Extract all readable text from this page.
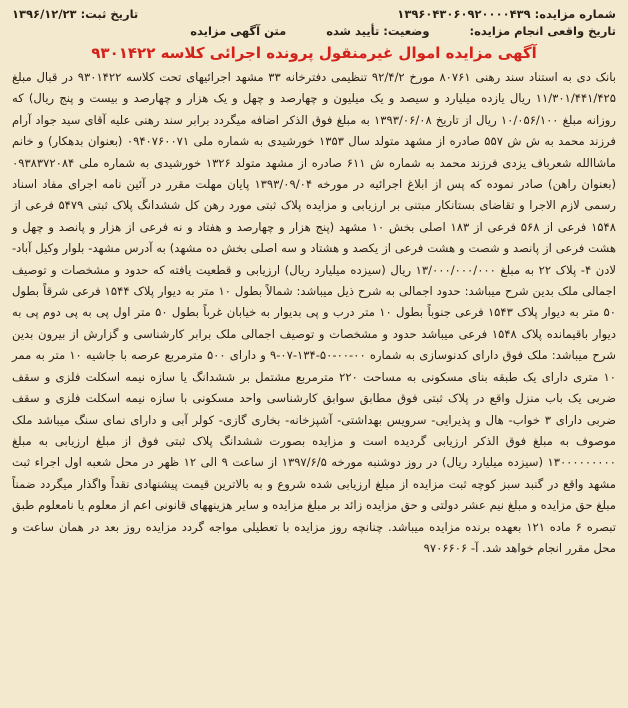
شماره مزایده:
۱۳۹۶۰۴۳۰۶۰۹۲۰۰۰۰۴۳۹
تاریخ ثبت:
۱۳۹۶/۱۲/۲۳
تاریخ واقعی انجام مزایده:
وضعیت:
تأیید شده
متن آگهی مزایده
آگهی مزایده اموال غیرمنقول پرونده اجرائی کلاسه ۹۳۰۱۴۲۲

بانک دی به استناد سند رهنی ۸۰۷۶۱ مورخ ۹۲/۴/۲ تنظیمی دفترخانه ۳۳ مشهد اجرائیهای تحت کلاسه ۹۳۰۱۴۲۲ در قبال مبلغ ۱۱/۳۰۱/۴۴۱/۴۲۵ ریال یازده میلیارد و سیصد و یک میلیون و چهارصد و چهل و یک هزار و چهارصد و بیست و پنج ریال) که روزانه مبلغ ۱۰/۰۵۶/۱۰۰ ریال از تاریخ ۱۳۹۳/۰۶/۰۸ به مبلغ فوق الذکر اضافه میگردد برابر سند رهنی علیه آقای سید جواد آرام فرزند محمد به ش ش ۵۵۷ صادره از مشهد متولد سال ۱۳۵۳ خورشیدی به شماره ملی ۰۹۴۰۷۶۰۰۷۱ (بعنوان بدهکار) و خانم ماشاالله شعرباف یزدی فرزند محمد به شماره ش ۶۱۱ صادره از مشهد متولد ۱۳۲۶ خورشیدی به شماره ملی ۰۹۳۸۳۷۲۰۸۴ (بعنوان راهن) صادر نموده که پس از ابلاغ اجرائیه در مورخه ۱۳۹۳/۰۹/۰۴ پایان مهلت مقرر در آئین نامه اجرای مفاد اسناد رسمی لازم الاجرا و تقاضای بستانکار مبتنی بر ارزیابی و مزایده پلاک ثبتی مورد رهن کل ششدانگ پلاک ثبتی ۵۴۷۹ فرعی از ۱۵۴۸ فرعی از ۵۶۸ فرعی از ۱۸۳ اصلی بخش ۱۰ مشهد (پنج هزار و چهارصد و هفتاد و نه فرعی از هزار و پانصد و چهل و هشت فرعی از پانصد و شصت و هشت فرعی از یکصد و هشتاد و سه اصلی بخش ده مشهد) به آدرس مشهد- بلوار وکیل آباد- لادن ۴- پلاک ۲۲ به مبلغ ۱۳/۰۰۰/۰۰۰/۰۰۰ ریال (سیزده میلیارد ریال) ارزیابی و قطعیت یافته که حدود و مشخصات و توصیف اجمالی ملک بدین شرح میباشد: حدود اجمالی به شرح ذیل میباشد: شمالاً بطول ۱۰ متر به دیوار پلاک ۱۵۴۴ فرعی شرقاً بطول ۵۰ متر به دیوار پلاک ۱۵۴۳ فرعی جنوباً بطول ۱۰ متر درب و پی بدیوار به خیابان غرباً بطول ۵۰ متر اول پی به پی دوم پی به دیوار باقیمانده پلاک ۱۵۴۸ فرعی میباشد حدود و مشخصات و توصیف اجمالی ملک برابر کارشناسی و گزارش از بیرون بدین شرح میباشد: ملک فوق دارای کدنوسازی به شماره ۰۰-۰۰-۵۰-۱۳۴-۰۷-۹ و دارای ۵۰۰ مترمربع عرصه با جاشیه ۱۰ متر به ممر ۱۰ متری دارای یک طبقه بنای مسکونی به مساحت ۲۲۰ مترمربع مشتمل بر ششدانگ یا سازه نیمه اسکلت فلزی و سقف ضربی یک باب منزل واقع در پلاک ثبتی فوق مطابق سوابق کارشناسی واحد مسکونی با سازه نیمه اسکلت فلزی و سقف ضربی دارای ۳ خواب- هال و پذیرایی- سرویس بهداشتی- آشپزخانه- بخاری گازی- کولر آبی و دارای نمای سنگ میباشد ملک موصوف به مبلغ فوق الذکر ارزیابی گردیده است و مزایده بصورت ششدانگ پلاک ثبتی فوق از مبلغ ارزیابی به مبلغ ۱۳۰۰۰۰۰۰۰۰۰ (سیزده میلیارد ریال) در روز دوشنبه مورخه ۱۳۹۷/۶/۵ از ساعت ۹ الی ۱۲ ظهر در محل شعبه اول اجراء ثبت مشهد واقع در گنبد سبز کوچه ثبت مزایده از مبلغ ارزیابی شده شروع و به بالاترین قیمت پیشنهادی نقداً واگذار میگردد ضمناً مبلغ حق مزایده و مبلغ نیم عشر دولتی و حق مزایده زائد بر مبلغ مزایده و سایر هزینههای قانونی اعم از معلوم یا نامعلوم طبق تبصره ۶ ماده ۱۲۱ بعهده برنده مزایده میباشد. چنانچه روز مزایده با تعطیلی مواجه گردد مزایده روز بعد در همان ساعت و محل مقرر انجام خواهد شد. آ- ۹۷۰۶۶۰۶
